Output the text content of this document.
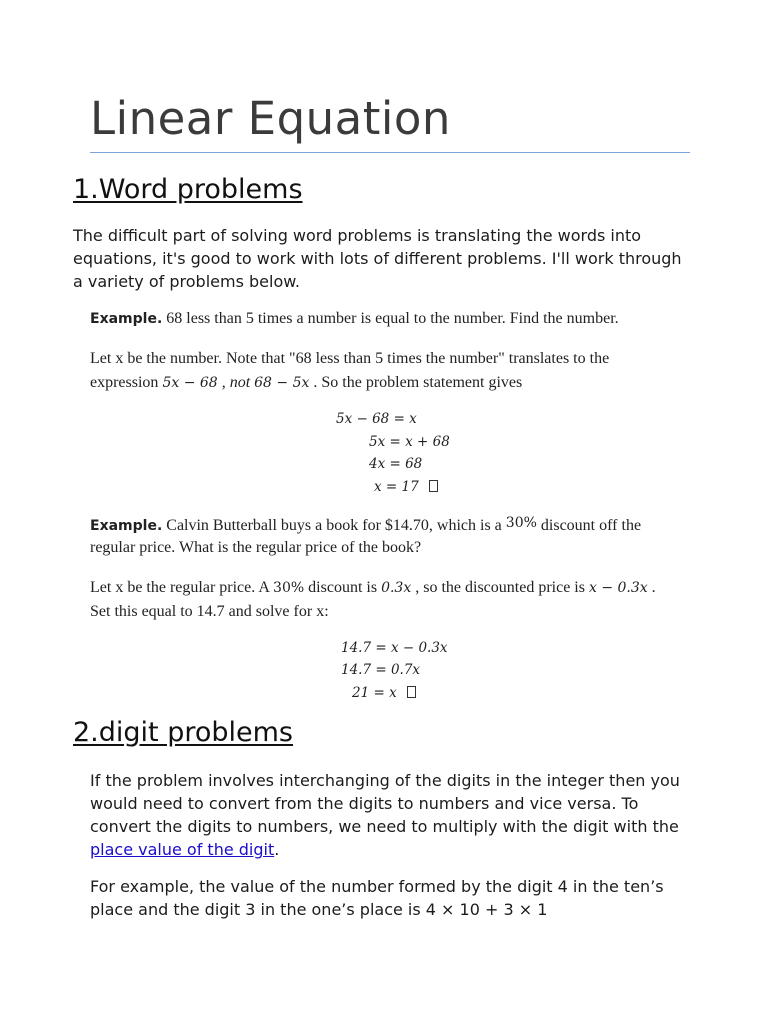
Linear Equation
1.Word problems
The difficult part of solving word problems is translating the words into equations, it's good to work with lots of different problems. I'll work through a variety of problems below.
Example. 68 less than 5 times a number is equal to the number. Find the number.
Let x be the number. Note that "68 less than 5 times the number" translates to the
expression 5x − 68 , not 68 − 5x . So the problem statement gives
5x − 68 = x
5x = x + 68
4x = 68
x = 17
Example. Calvin Butterball buys a book for $14.70, which is a 30% discount off the
regular price. What is the regular price of the book?
Let x be the regular price. A 30% discount is 0.3x , so the discounted price is x − 0.3x .
Set this equal to 14.7 and solve for x:
14.7 = x − 0.3x
14.7 = 0.7x
21 = x
2.digit problems
If the problem involves interchanging of the digits in the integer then you would need to convert from the digits to numbers and vice versa. To convert the digits to numbers, we need to multiply with the digit with the place value of the digit.
For example, the value of the number formed by the digit 4 in the ten’s place and the digit 3 in the one’s place is 4 × 10 + 3 × 1
